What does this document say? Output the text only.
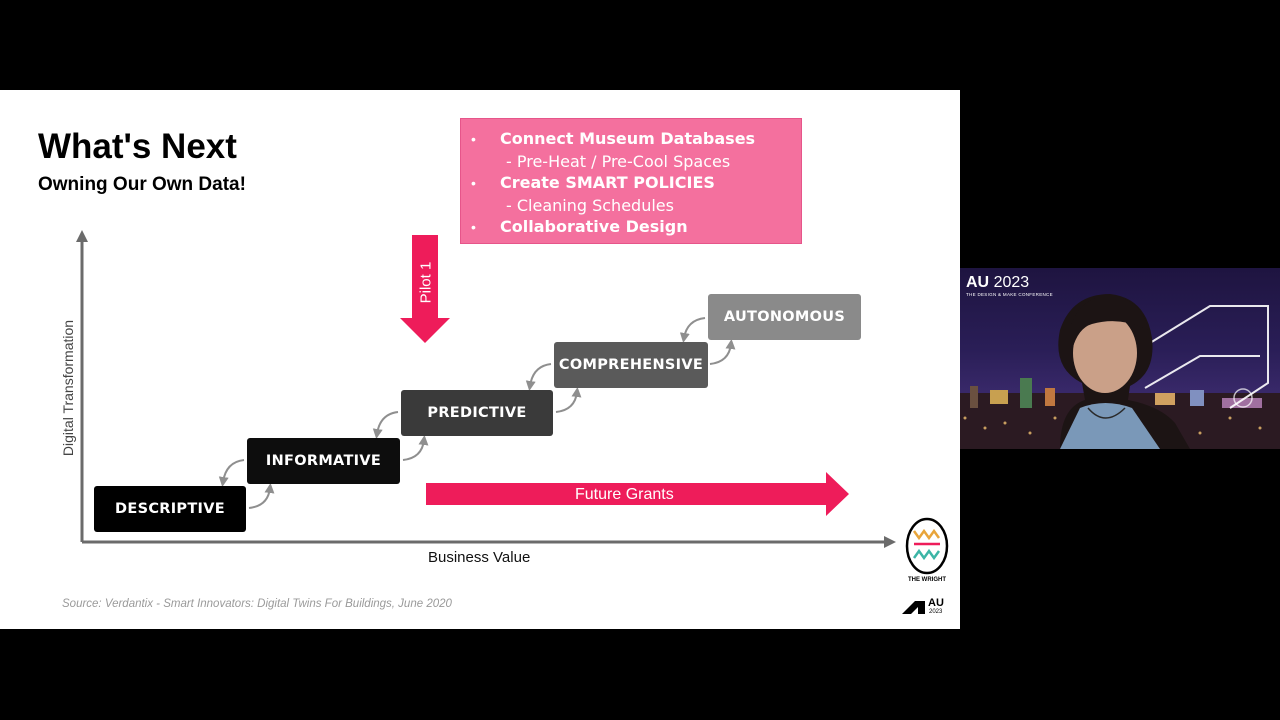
What's Next
Owning Our Own Data!
• Connect Museum Databases
- Pre-Heat / Pre-Cool Spaces
• Create SMART POLICIES
- Cleaning Schedules
• Collaborative Design
Pilot 1
Future Grants
DESCRIPTIVE
INFORMATIVE
PREDICTIVE
COMPREHENSIVE
AUTONOMOUS
Digital Transformation
Business Value
Source: Verdantix - Smart Innovators: Digital Twins For Buildings, June 2020
THE WRIGHT
AU
2023
AU 2023
THE DESIGN & MAKE CONFERENCE
